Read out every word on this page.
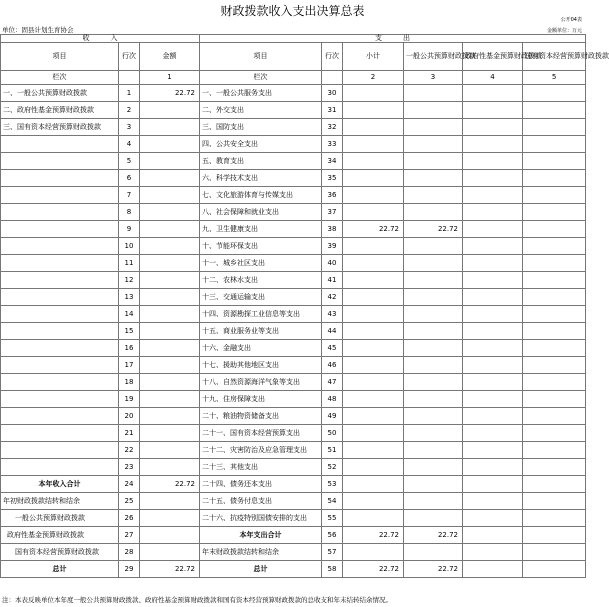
财政拨款收入支出决算总表
公开04表
单位：固县计划生育协会	金额单位：万元
收　　　入			支　　　出					
项目	行次	金额	项目	行次	小计	一般公共预算财政拨款	政府性基金预算财政拨款	国有资本经营预算财政拨款
栏次		1	栏次		2	3	4	5
一、一般公共预算财政拨款	1	22.72	一、一般公共服务支出	30				
二、政府性基金预算财政拨款	2		二、外交支出	31				
三、国有资本经营预算财政拨款	3		三、国防支出	32				
	4		四、公共安全支出	33				
	5		五、教育支出	34				
	6		六、科学技术支出	35				
	7		七、文化旅游体育与传媒支出	36				
	8		八、社会保障和就业支出	37				
	9		九、卫生健康支出	38	22.72	22.72		
	10		十、节能环保支出	39				
	11		十一、城乡社区支出	40				
	12		十二、农林水支出	41				
	13		十三、交通运输支出	42				
	14		十四、资源勘探工业信息等支出	43				
	15		十五、商业服务业等支出	44				
	16		十六、金融支出	45				
	17		十七、援助其他地区支出	46				
	18		十八、自然资源海洋气象等支出	47				
	19		十九、住房保障支出	48				
	20		二十、粮油物资储备支出	49				
	21		二十一、国有资本经营预算支出	50				
	22		二十二、灾害防治及应急管理支出	51				
	23		二十三、其他支出	52				
本年收入合计	24	22.72	二十四、债务还本支出	53				
年初财政拨款结转和结余	25		二十五、债务付息支出	54				
一般公共预算财政拨款	26		二十六、抗疫特别国债安排的支出	55				
政府性基金预算财政拨款	27		本年支出合计	56	22.72	22.72		
国有资本经营预算财政拨款	28		年末财政拨款结转和结余	57				
总计	29	22.72	总计	58	22.72	22.72		
注：本表反映单位本年度一般公共预算财政拨款、政府性基金预算财政拨款和国有资本经营预算财政拨款的总收支和年末结转结余情况。
